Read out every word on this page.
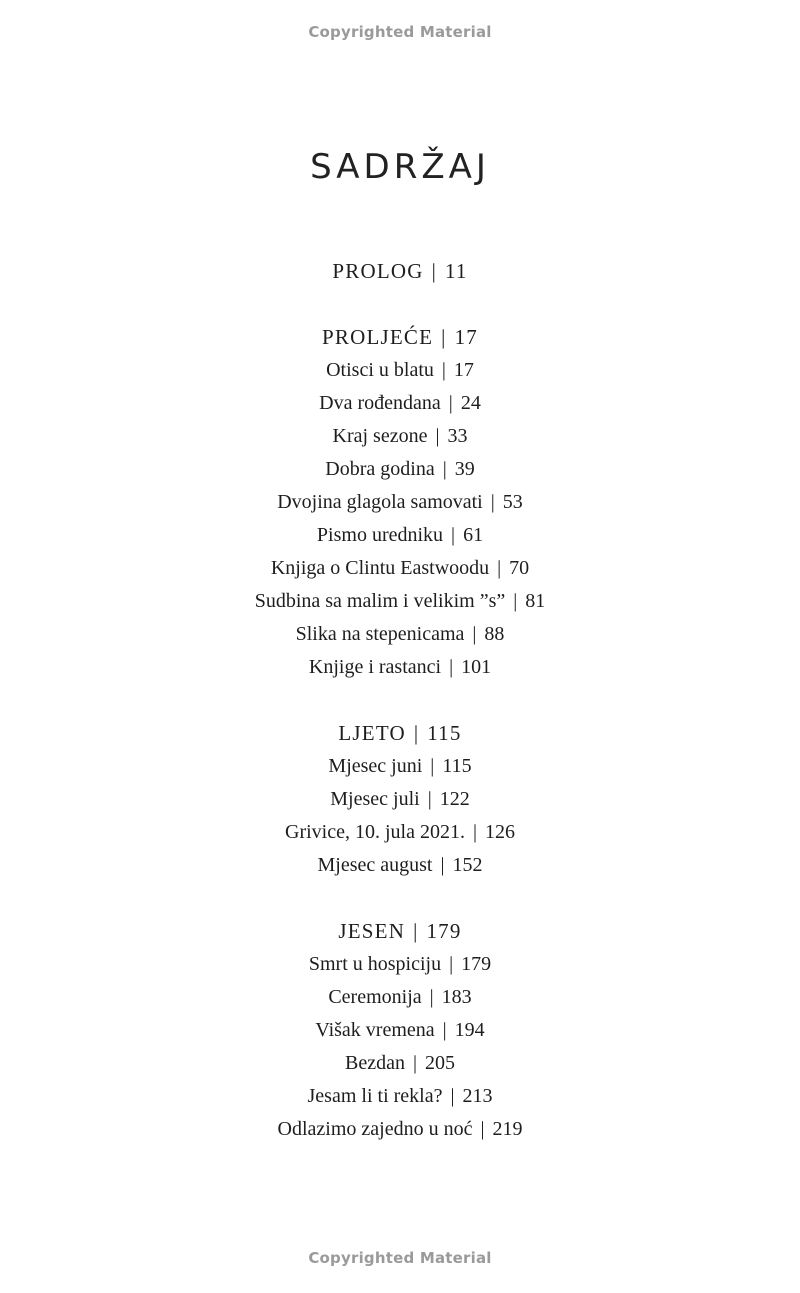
Copyrighted Material
SADRŽAJ
PROLOG | 11
PROLJEĆE | 17
Otisci u blatu | 17
Dva rođendana | 24
Kraj sezone | 33
Dobra godina | 39
Dvojina glagola samovati | 53
Pismo uredniku | 61
Knjiga o Clintu Eastwoodu | 70
Sudbina sa malim i velikim ”s” | 81
Slika na stepenicama | 88
Knjige i rastanci | 101
LJETO | 115
Mjesec juni | 115
Mjesec juli | 122
Grivice, 10. jula 2021. | 126
Mjesec august | 152
JESEN | 179
Smrt u hospiciju | 179
Ceremonija | 183
Višak vremena | 194
Bezdan | 205
Jesam li ti rekla? | 213
Odlazimo zajedno u noć | 219
Copyrighted Material
